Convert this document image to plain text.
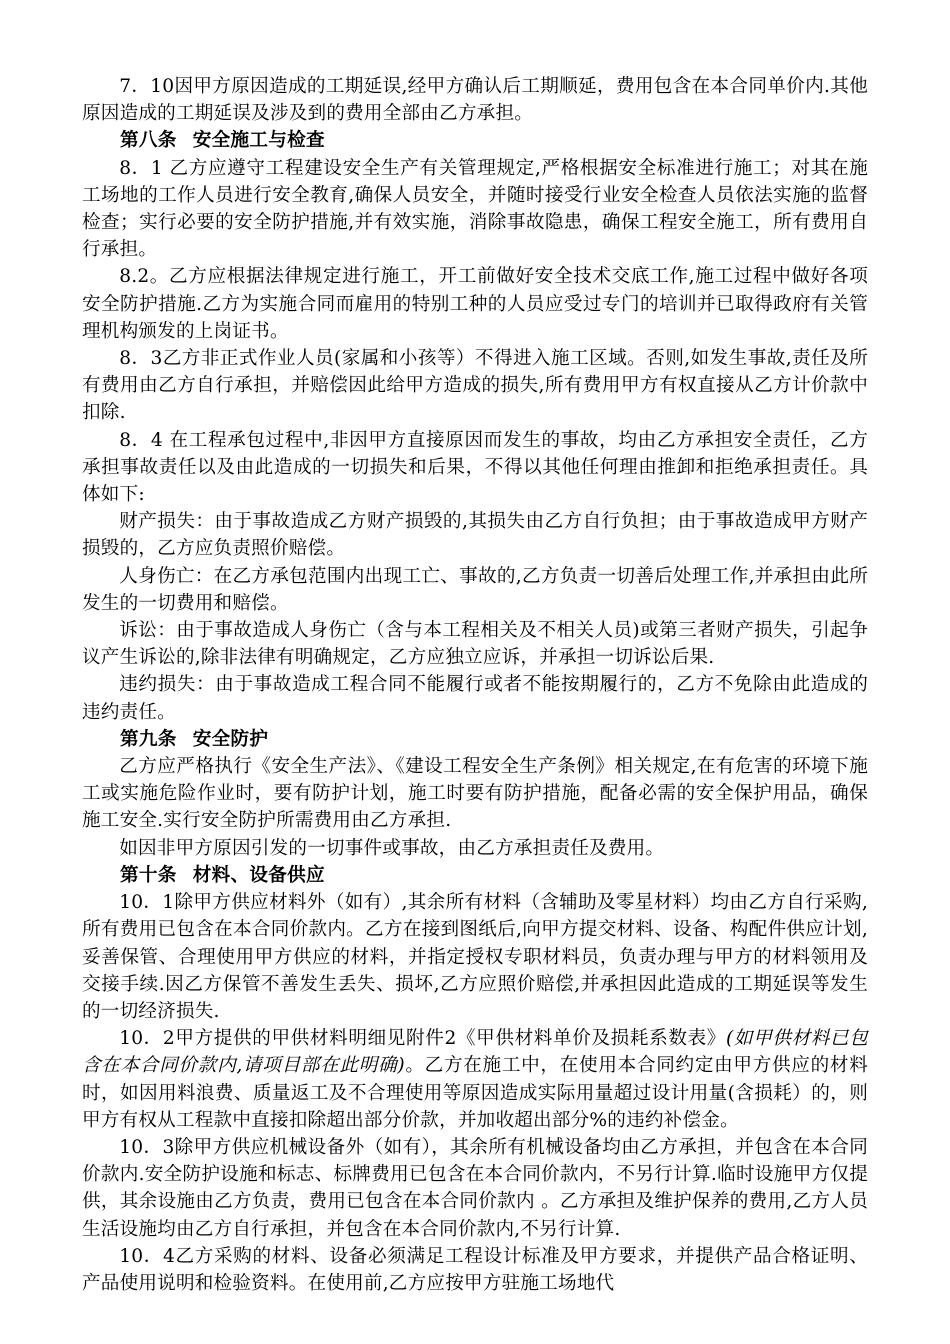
7．10因甲方原因造成的工期延误,经甲方确认后工期顺延，费用包含在本合同单价内.其他原因造成的工期延误及涉及到的费用全部由乙方承担。

第八条 安全施工与检查

8．1 乙方应遵守工程建设安全生产有关管理规定,严格根据安全标准进行施工；对其在施工场地的工作人员进行安全教育,确保人员安全，并随时接受行业安全检查人员依法实施的监督检查；实行必要的安全防护措施,并有效实施，消除事故隐患，确保工程安全施工，所有费用自行承担。

8.2。乙方应根据法律规定进行施工，开工前做好安全技术交底工作,施工过程中做好各项安全防护措施.乙方为实施合同而雇用的特别工种的人员应受过专门的培训并已取得政府有关管理机构颁发的上岗证书。

8．3乙方非正式作业人员(家属和小孩等）不得进入施工区域。否则,如发生事故,责任及所有费用由乙方自行承担，并赔偿因此给甲方造成的损失,所有费用甲方有权直接从乙方计价款中扣除.

8．4 在工程承包过程中,非因甲方直接原因而发生的事故，均由乙方承担安全责任，乙方承担事故责任以及由此造成的一切损失和后果，不得以其他任何理由推卸和拒绝承担责任。具体如下:

财产损失：由于事故造成乙方财产损毁的,其损失由乙方自行负担；由于事故造成甲方财产损毁的，乙方应负责照价赔偿。

人身伤亡：在乙方承包范围内出现工亡、事故的,乙方负责一切善后处理工作,并承担由此所发生的一切费用和赔偿。

诉讼：由于事故造成人身伤亡（含与本工程相关及不相关人员)或第三者财产损失，引起争议产生诉讼的,除非法律有明确规定，乙方应独立应诉，并承担一切诉讼后果.

违约损失：由于事故造成工程合同不能履行或者不能按期履行的，乙方不免除由此造成的违约责任。

第九条 安全防护

乙方应严格执行《安全生产法》、《建设工程安全生产条例》相关规定,在有危害的环境下施工或实施危险作业时，要有防护计划，施工时要有防护措施，配备必需的安全保护用品，确保施工安全.实行安全防护所需费用由乙方承担.

如因非甲方原因引发的一切事件或事故，由乙方承担责任及费用。

第十条 材料、设备供应

10．1除甲方供应材料外（如有）,其余所有材料（含辅助及零星材料）均由乙方自行采购,所有费用已包含在本合同价款内。乙方在接到图纸后,向甲方提交材料、设备、构配件供应计划,妥善保管、合理使用甲方供应的材料，并指定授权专职材料员，负责办理与甲方的材料领用及交接手续.因乙方保管不善发生丢失、损坏,乙方应照价赔偿,并承担因此造成的工期延误等发生的一切经济损失.

10．2甲方提供的甲供材料明细见附件2《甲供材料单价及损耗系数表》(如甲供材料已包含在本合同价款内,请项目部在此明确)。乙方在施工中，在使用本合同约定由甲方供应的材料时，如因用料浪费、质量返工及不合理使用等原因造成实际用量超过设计用量(含损耗）的，则甲方有权从工程款中直接扣除超出部分价款，并加收超出部分%的违约补偿金。

10．3除甲方供应机械设备外（如有），其余所有机械设备均由乙方承担，并包含在本合同价款内.安全防护设施和标志、标牌费用已包含在本合同价款内，不另行计算.临时设施甲方仅提供，其余设施由乙方负责，费用已包含在本合同价款内 。乙方承担及维护保养的费用,乙方人员生活设施均由乙方自行承担，并包含在本合同价款内,不另行计算.

10．4乙方采购的材料、设备必须满足工程设计标准及甲方要求，并提供产品合格证明、产品使用说明和检验资料。在使用前,乙方应按甲方驻施工场地代
